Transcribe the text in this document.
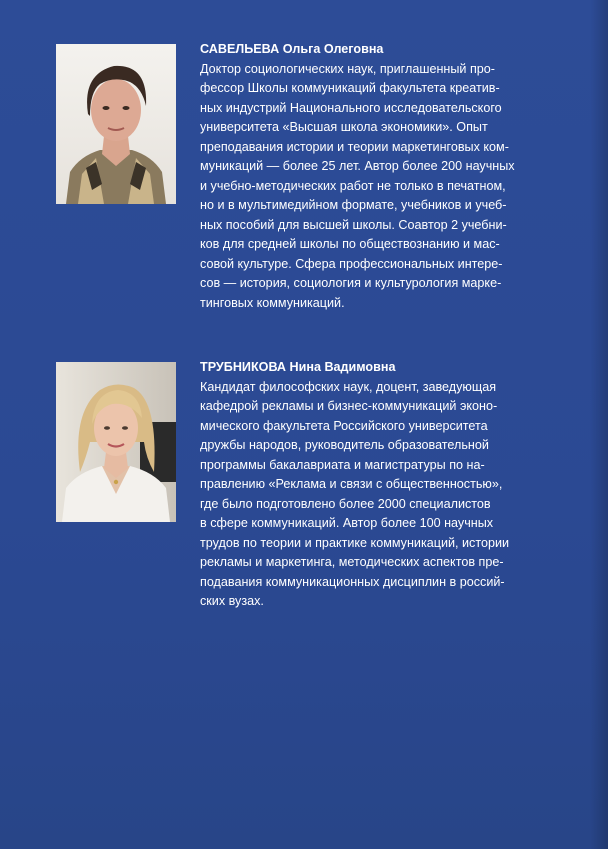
САВЕЛЬЕВА Ольга Олеговна

Доктор социологических наук, приглашенный про-
фессор Школы коммуникаций факультета креатив-
ных индустрий Национального исследовательского
университета «Высшая школа экономики». Опыт
преподавания истории и теории маркетинговых ком-
муникаций — более 25 лет. Автор более 200 научных
и учебно-методических работ не только в печатном,
но и в мультимедийном формате, учебников и учеб-
ных пособий для высшей школы. Соавтор 2 учебни-
ков для средней школы по обществознанию и мас-
совой культуре. Сфера профессиональных интере-
сов — история, социология и культурология марке-
тинговых коммуникаций.

ТРУБНИКОВА Нина Вадимовна

Кандидат философских наук, доцент, заведующая
кафедрой рекламы и бизнес-коммуникаций эконо-
мического факультета Российского университета
дружбы народов, руководитель образовательной
программы бакалавриата и магистратуры по на-
правлению «Реклама и связи с общественностью»,
где было подготовлено более 2000 специалистов
в сфере коммуникаций. Автор более 100 научных
трудов по теории и практике коммуникаций, истории
рекламы и маркетинга, методических аспектов пре-
подавания коммуникационных дисциплин в россий-
ских вузах.
